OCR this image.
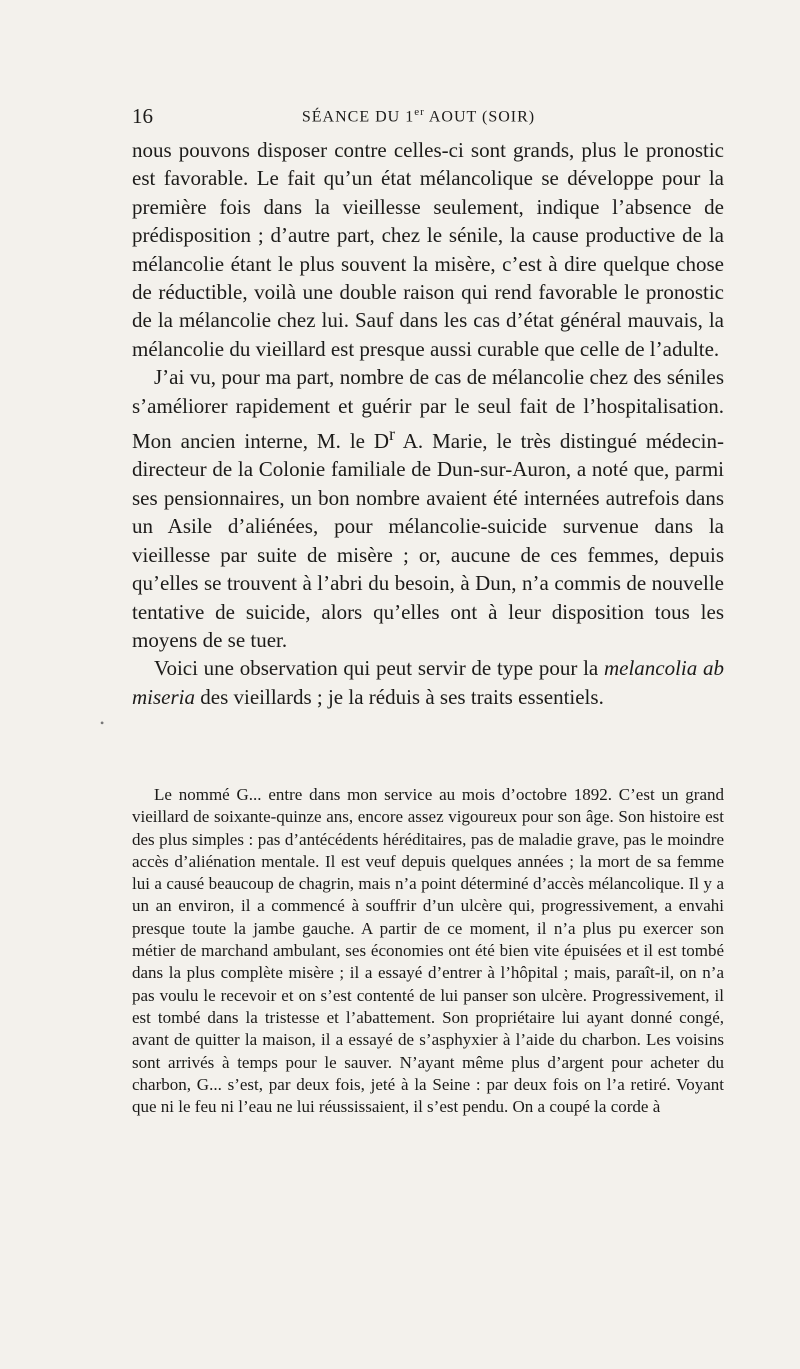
16	SÉANCE DU 1er AOUT (SOIR)

nous pouvons disposer contre celles-ci sont grands, plus le pronostic est favorable. Le fait qu’un état mélancolique se développe pour la première fois dans la vieillesse seulement, indique l’absence de prédisposition ; d’autre part, chez le sénile, la cause productive de la mélancolie étant le plus souvent la misère, c’est à dire quelque chose de réductible, voilà une double raison qui rend favorable le pronostic de la mélancolie chez lui. Sauf dans les cas d’état général mauvais, la mélancolie du vieillard est presque aussi curable que celle de l’adulte.

J’ai vu, pour ma part, nombre de cas de mélancolie chez des séniles s’améliorer rapidement et guérir par le seul fait de l’hospitalisation. Mon ancien interne, M. le $D^r$ A. Marie, le très distingué médecin-directeur de la Colonie familiale de Dun-sur-Auron, a noté que, parmi ses pensionnaires, un bon nombre avaient été internées autrefois dans un Asile d’aliénées, pour mélancolie-suicide survenue dans la vieillesse par suite de misère ; or, aucune de ces femmes, depuis qu’elles se trouvent à l’abri du besoin, à Dun, n’a commis de nouvelle tentative de suicide, alors qu’elles ont à leur disposition tous les moyens de se tuer.

Voici une observation qui peut servir de type pour la melancolia ab miseria des vieillards ; je la réduis à ses traits essentiels.

•

Le nommé G... entre dans mon service au mois d’octobre 1892. C’est un grand vieillard de soixante-quinze ans, encore assez vigoureux pour son âge. Son histoire est des plus simples : pas d’antécédents héréditaires, pas de maladie grave, pas le moindre accès d’aliénation mentale. Il est veuf depuis quelques années ; la mort de sa femme lui a causé beaucoup de chagrin, mais n’a point déterminé d’accès mélancolique. Il y a un an environ, il a commencé à souffrir d’un ulcère qui, progressivement, a envahi presque toute la jambe gauche. A partir de ce moment, il n’a plus pu exercer son métier de marchand ambulant, ses économies ont été bien vite épuisées et il est tombé dans la plus complète misère ; il a essayé d’entrer à l’hôpital ; mais, paraît-il, on n’a pas voulu le recevoir et on s’est contenté de lui panser son ulcère. Progressivement, il est tombé dans la tristesse et l’abattement. Son propriétaire lui ayant donné congé, avant de quitter la maison, il a essayé de s’asphyxier à l’aide du charbon. Les voisins sont arrivés à temps pour le sauver. N’ayant même plus d’argent pour acheter du charbon, G... s’est, par deux fois, jeté à la Seine : par deux fois on l’a retiré. Voyant que ni le feu ni l’eau ne lui réussissaient, il s’est pendu. On a coupé la corde à
